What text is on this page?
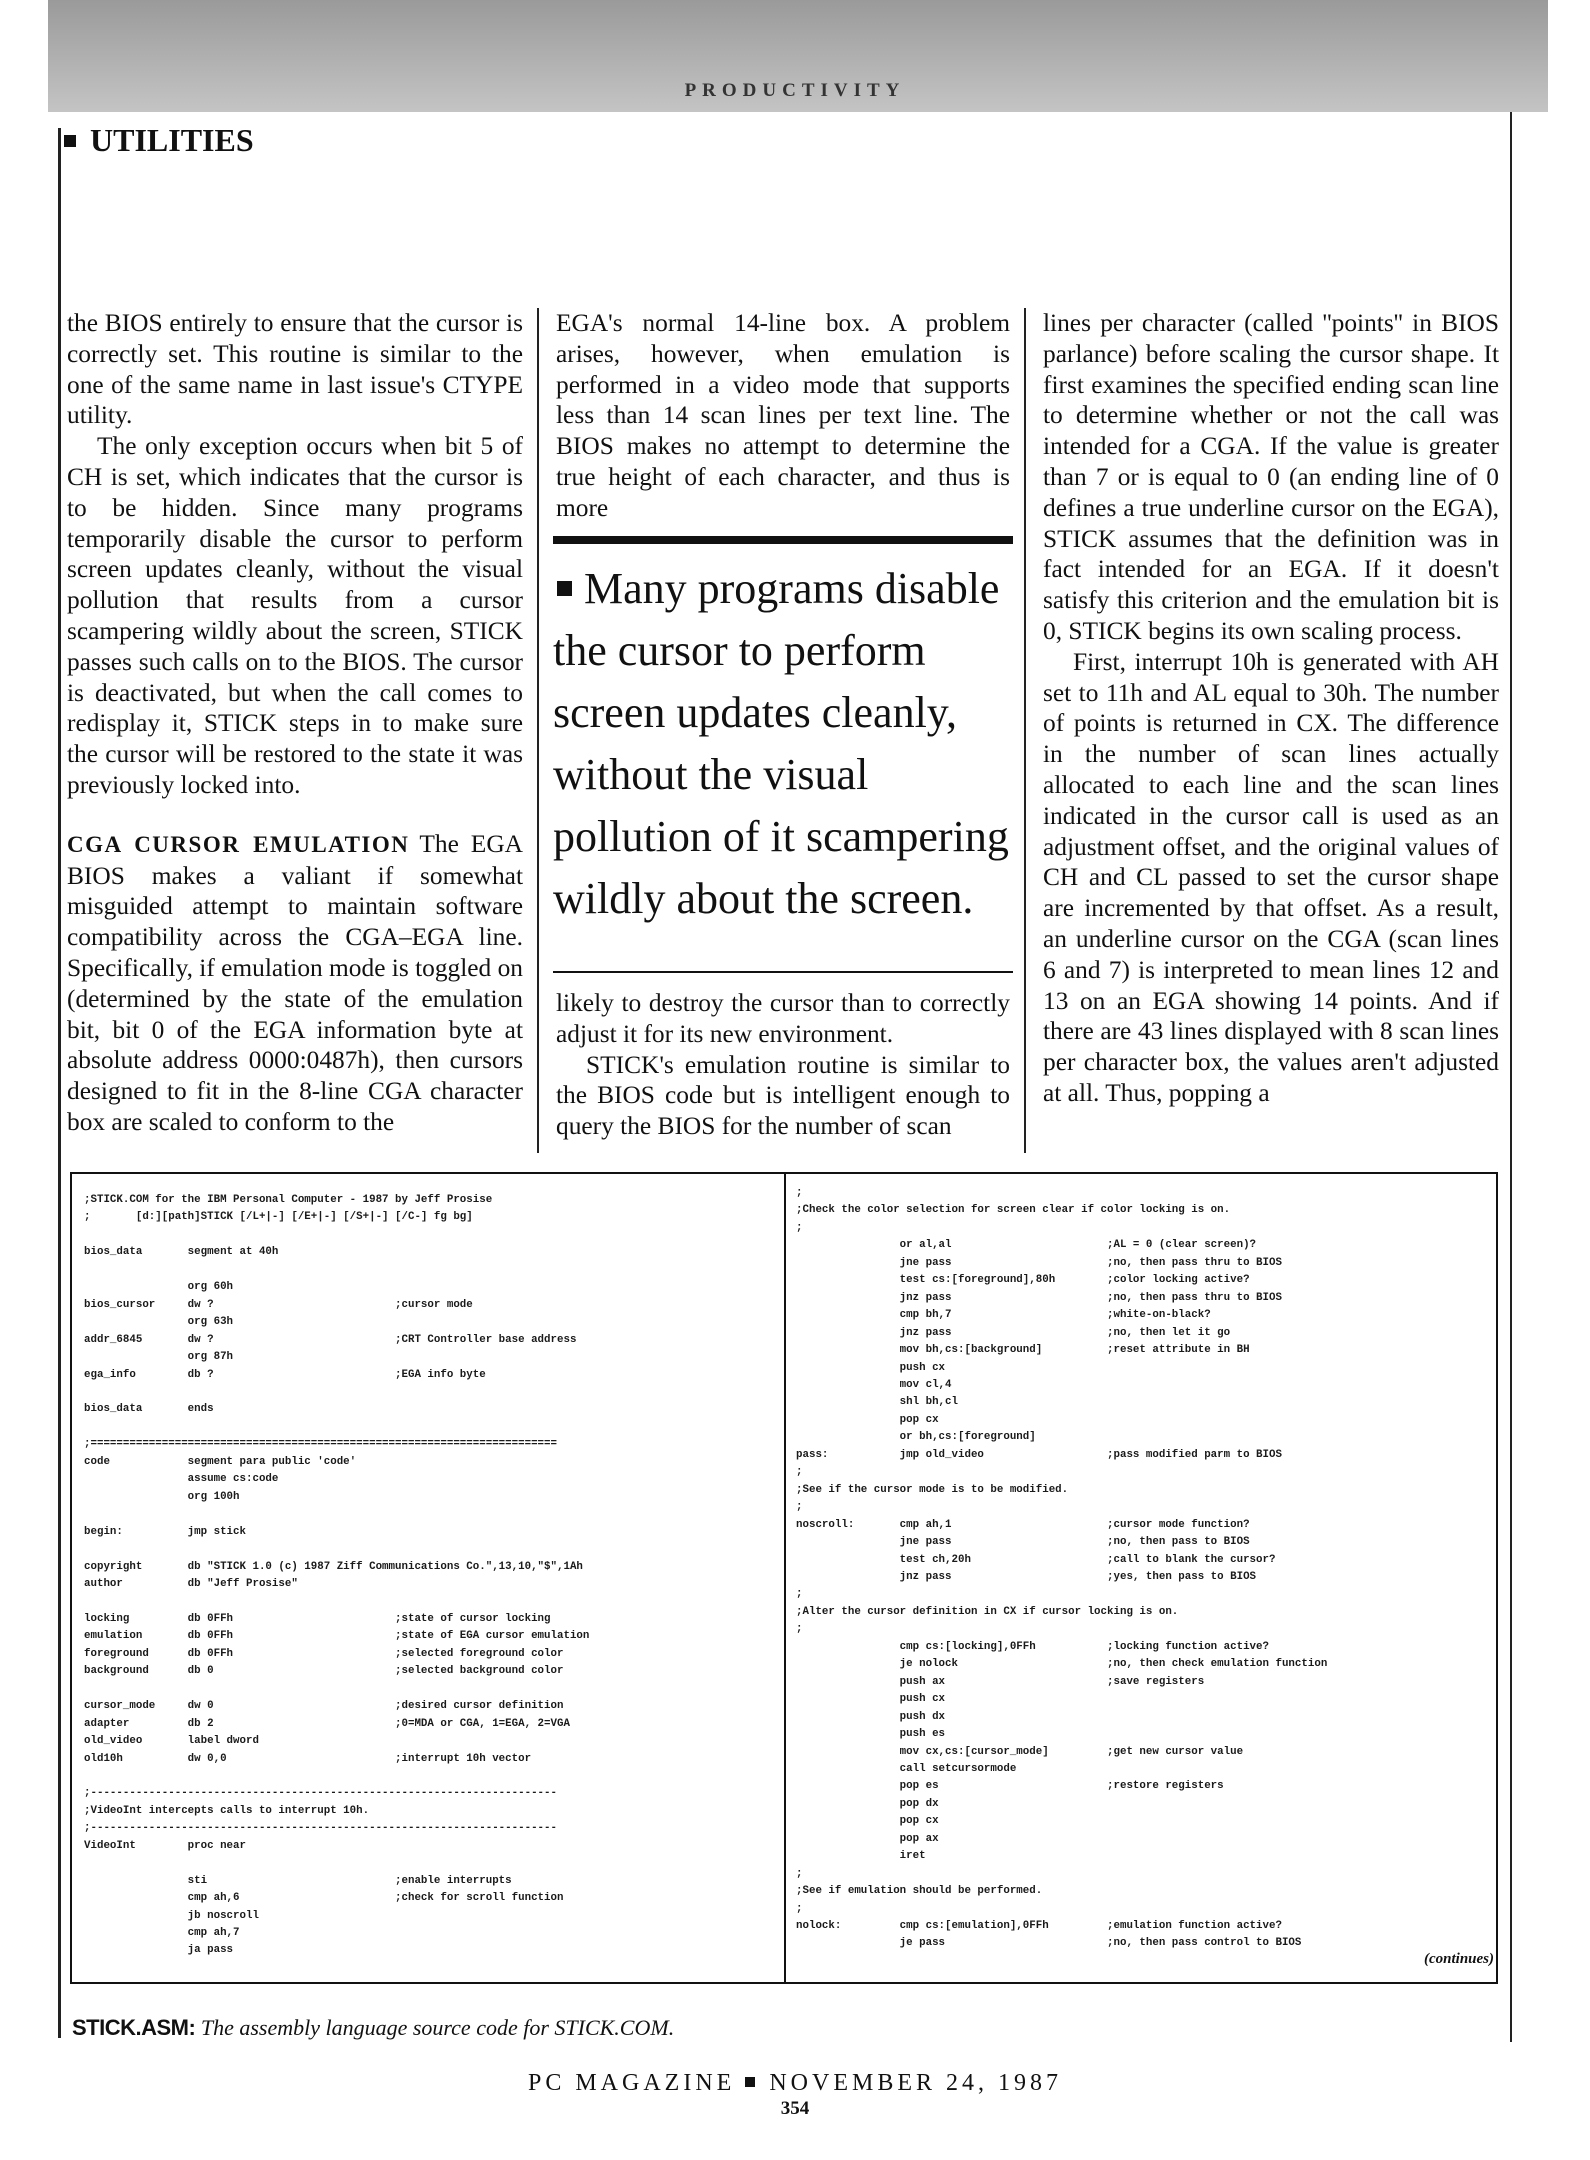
PRODUCTIVITY
UTILITIES

the BIOS entirely to ensure that the cursor is correctly set. This routine is similar to the one of the same name in last issue's CTYPE utility.

The only exception occurs when bit 5 of CH is set, which indicates that the cursor is to be hidden. Since many programs temporarily disable the cursor to perform screen updates cleanly, without the visual pollution that results from a cursor scampering wildly about the screen, STICK passes such calls on to the BIOS. The cursor is deactivated, but when the call comes to redisplay it, STICK steps in to make sure the cursor will be restored to the state it was previously locked into.

CGA CURSOR EMULATION The EGA BIOS makes a valiant if somewhat misguided attempt to maintain software compatibility across the CGA–EGA line. Specifically, if emulation mode is toggled on (determined by the state of the emulation bit, bit 0 of the EGA information byte at absolute address 0000:0487h), then cursors designed to fit in the 8-line CGA character box are scaled to conform to the

EGA's normal 14-line box. A problem arises, however, when emulation is performed in a video mode that supports less than 14 scan lines per text line. The BIOS makes no attempt to determine the true height of each character, and thus is more

Many programs disable the cursor to perform screen updates cleanly, without the visual pollution of it scampering wildly about the screen.

likely to destroy the cursor than to correctly adjust it for its new environment.

STICK's emulation routine is similar to the BIOS code but is intelligent enough to query the BIOS for the number of scan

lines per character (called ''points'' in BIOS parlance) before scaling the cursor shape. It first examines the specified ending scan line to determine whether or not the call was intended for a CGA. If the value is greater than 7 or is equal to 0 (an ending line of 0 defines a true underline cursor on the EGA), STICK assumes that the definition was in fact intended for an EGA. If it doesn't satisfy this criterion and the emulation bit is 0, STICK begins its own scaling process.

First, interrupt 10h is generated with AH set to 11h and AL equal to 30h. The number of points is returned in CX. The difference in the number of scan lines actually allocated to each line and the scan lines indicated in the cursor call is used as an adjustment offset, and the original values of CH and CL passed to set the cursor shape are incremented by that offset. As a result, an underline cursor on the CGA (scan lines 6 and 7) is interpreted to mean lines 12 and 13 on an EGA showing 14 points. And if there are 43 lines displayed with 8 scan lines per character box, the values aren't adjusted at all. Thus, popping a

;STICK.COM for the IBM Personal Computer - 1987 by Jeff Prosise
;       [d:][path]STICK [/L+|-] [/E+|-] [/S+|-] [/C-] fg bg]

bios_data       segment at 40h

org 60h
bios_cursor     dw ?                            ;cursor mode
org 63h
addr_6845       dw ?                            ;CRT Controller base address
org 87h
ega_info        db ?                            ;EGA info byte

bios_data       ends

;========================================================================
code            segment para public 'code'
assume cs:code
org 100h

begin:          jmp stick

copyright       db "STICK 1.0 (c) 1987 Ziff Communications Co.",13,10,"$",1Ah
author          db "Jeff Prosise"

locking         db 0FFh                         ;state of cursor locking
emulation       db 0FFh                         ;state of EGA cursor emulation
foreground      db 0FFh                         ;selected foreground color
background      db 0                            ;selected background color

cursor_mode     dw 0                            ;desired cursor definition
adapter         db 2                            ;0=MDA or CGA, 1=EGA, 2=VGA
old_video       label dword
old10h          dw 0,0                          ;interrupt 10h vector

;------------------------------------------------------------------------
;VideoInt intercepts calls to interrupt 10h.
;------------------------------------------------------------------------
VideoInt        proc near

sti                             ;enable interrupts
cmp ah,6                        ;check for scroll function
jb noscroll
cmp ah,7
ja pass
;
;Check the color selection for screen clear if color locking is on.
;
or al,al                        ;AL = 0 (clear screen)?
jne pass                        ;no, then pass thru to BIOS
test cs:[foreground],80h        ;color locking active?
jnz pass                        ;no, then pass thru to BIOS
cmp bh,7                        ;white-on-black?
jnz pass                        ;no, then let it go
mov bh,cs:[background]          ;reset attribute in BH
push cx
mov cl,4
shl bh,cl
pop cx
or bh,cs:[foreground]
pass:           jmp old_video                   ;pass modified parm to BIOS
;
;See if the cursor mode is to be modified.
;
noscroll:       cmp ah,1                        ;cursor mode function?
jne pass                        ;no, then pass to BIOS
test ch,20h                     ;call to blank the cursor?
jnz pass                        ;yes, then pass to BIOS
;
;Alter the cursor definition in CX if cursor locking is on.
;
cmp cs:[locking],0FFh           ;locking function active?
je nolock                       ;no, then check emulation function
push ax                         ;save registers
push cx
push dx
push es
mov cx,cs:[cursor_mode]         ;get new cursor value
call setcursormode
pop es                          ;restore registers
pop dx
pop cx
pop ax
iret
;
;See if emulation should be performed.
;
nolock:         cmp cs:[emulation],0FFh         ;emulation function active?
je pass                         ;no, then pass control to BIOS
(continues)
STICK.ASM: The assembly language source code for STICK.COM.
PC MAGAZINE NOVEMBER 24, 1987
354
